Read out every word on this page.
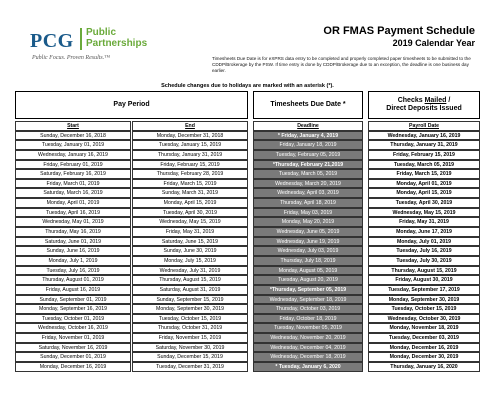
PCG Public
Partnerships
Public Focus. Proven Results.™
OR FMAS Payment Schedule
2019 Calendar Year
Timesheets Due Date is for eXPRS data entry to be completed and properly completed paper timesheets to be submitted to the CDDP/Brokerage by the PSW. If time entry is done by CDDP/Brokerage due to an exception, the deadline is one business day earlier.
Schedule changes due to holidays are marked with an asterisk (*).
Pay Period	Timesheets Due Date *
Checks Mailed /
Direct Deposits Issued
Start	End	Deadline	Payroll Date
Sunday, December 16, 2018	Monday, December 31, 2018	* Friday, January 4, 2019	Wednesday, January 16, 2019
Tuesday, January 01, 2019	Tuesday, January 15, 2019	Friday, January 18, 2019	Thursday, January 31, 2019
Wednesday, January 16, 2019	Thursday, January 31, 2019	Tuesday, February 05, 2019	Friday, February 15, 2019
Friday, February 01, 2019	Friday, February 15, 2019	*Thursday, February 21,2019	Tuesday, March 05, 2019
Saturday, February 16, 2019	Thursday, February 28, 2019	Tuesday, March 05, 2019	Friday, March 15, 2019
Friday, March 01, 2019	Friday, March 15, 2019	Wednesday, March 20, 2019	Monday, April 01, 2019
Saturday, March 16, 2019	Sunday, March 31, 2019	Wednesday, April 03, 2019	Monday, April 15, 2019
Monday, April 01, 2019	Monday, April 15, 2019	Thursday, April 18, 2019	Tuesday, April 30, 2019
Tuesday, April 16, 2019	Tuesday, April 30, 2019	Friday, May 03, 2019	Wednesday, May 15, 2019
Wednesday, May 01, 2019	Wednesday, May 15, 2019	Monday, May 20, 2019	Friday, May 31, 2019
Thursday, May 16, 2019	Friday, May 31, 2019	Wednesday, June 05, 2019	Monday, June 17, 2019
Saturday, June 01, 2019	Saturday, June 15, 2019	Wednesday, June 19, 2019	Monday, July 01, 2019
Sunday, June 16, 2019	Sunday, June 30, 2019	Wednesday, July 03, 2019	Tuesday, July 16, 2019
Monday, July 1, 2019	Monday, July 15, 2019	Thursday, July 18, 2019	Tuesday, July 30, 2019
Tuesday, July 16, 2019	Wednesday, July 31, 2019	Monday, August 05, 2019	Thursday, August 15, 2019
Thursday, August 01, 2019	Thursday, August 15, 2019	Tuesday, August 20, 2019	Friday, August 30, 2019
Friday, August 16, 2019	Saturday, August 31, 2019	*Thursday, September 05, 2019	Tuesday, September 17, 2019
Sunday, September 01, 2019	Sunday, September 15, 2019	Wednesday, September 18, 2019	Monday, September 30, 2019
Monday, September 16, 2019	Monday, September 30, 2019	Thursday, October 03, 2019	Tuesday, October 15, 2019
Tuesday, October 01, 2019	Tuesday, October 15, 2019	Friday, October 18, 2019	Wednesday, October 30, 2019
Wednesday, October 16, 2019	Thursday, October 31, 2019	Tuesday, November 05, 2019	Monday, November 18, 2019
Friday, November 01, 2019	Friday, November 15, 2019	Wednesday, November 20, 2019	Tuesday, December 03, 2019
Saturday, November 16, 2019	Saturday, November 30, 2019	Wednesday, December 04, 2019	Monday, December 16, 2019
Sunday, December 01, 2019	Sunday, December 15, 2019	Wednesday, December 18, 2019	Monday, December 30, 2019
Monday, December 16, 2019	Tuesday, December 31, 2019	* Tuesday, January 6, 2020	Thursday, January 16, 2020
